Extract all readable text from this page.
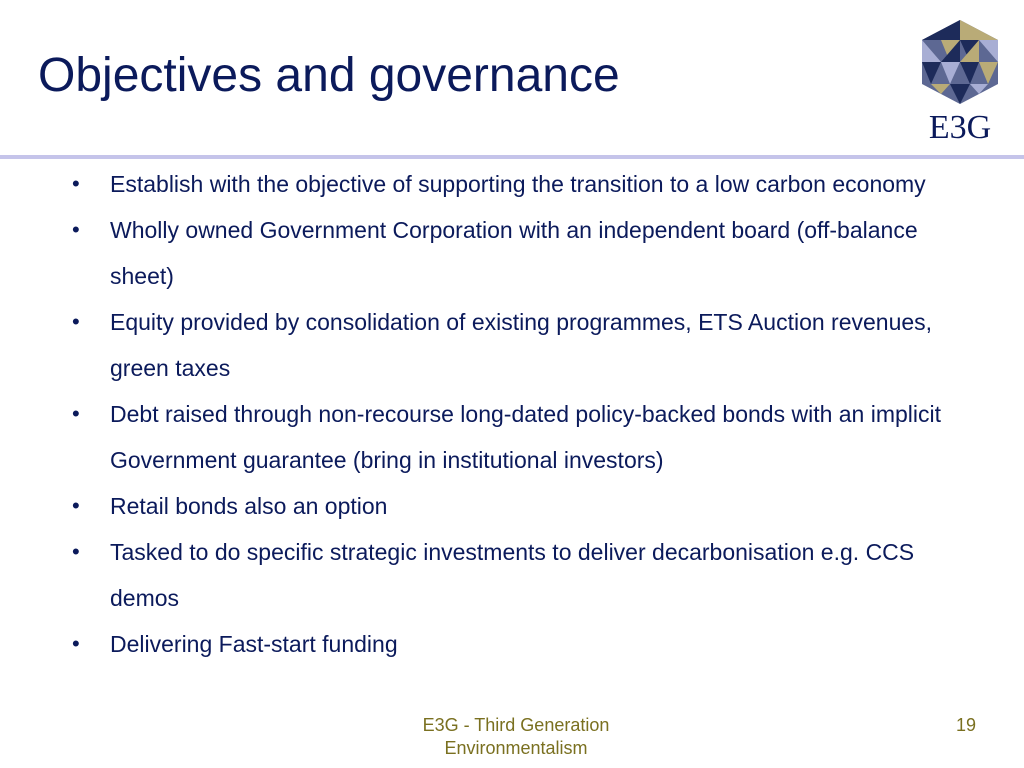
Objectives and governance
E3G
• Establish with the objective of supporting the transition to a low carbon economy
• Wholly owned Government Corporation with an independent board (off-balance sheet)
• Equity provided by consolidation of existing programmes, ETS Auction revenues, green taxes
• Debt raised through non-recourse long-dated policy-backed bonds with an implicit Government guarantee (bring in institutional investors)
• Retail bonds also an option
• Tasked to do specific strategic investments to deliver decarbonisation e.g. CCS demos
• Delivering Fast-start funding
E3G - Third Generation
Environmentalism
19
